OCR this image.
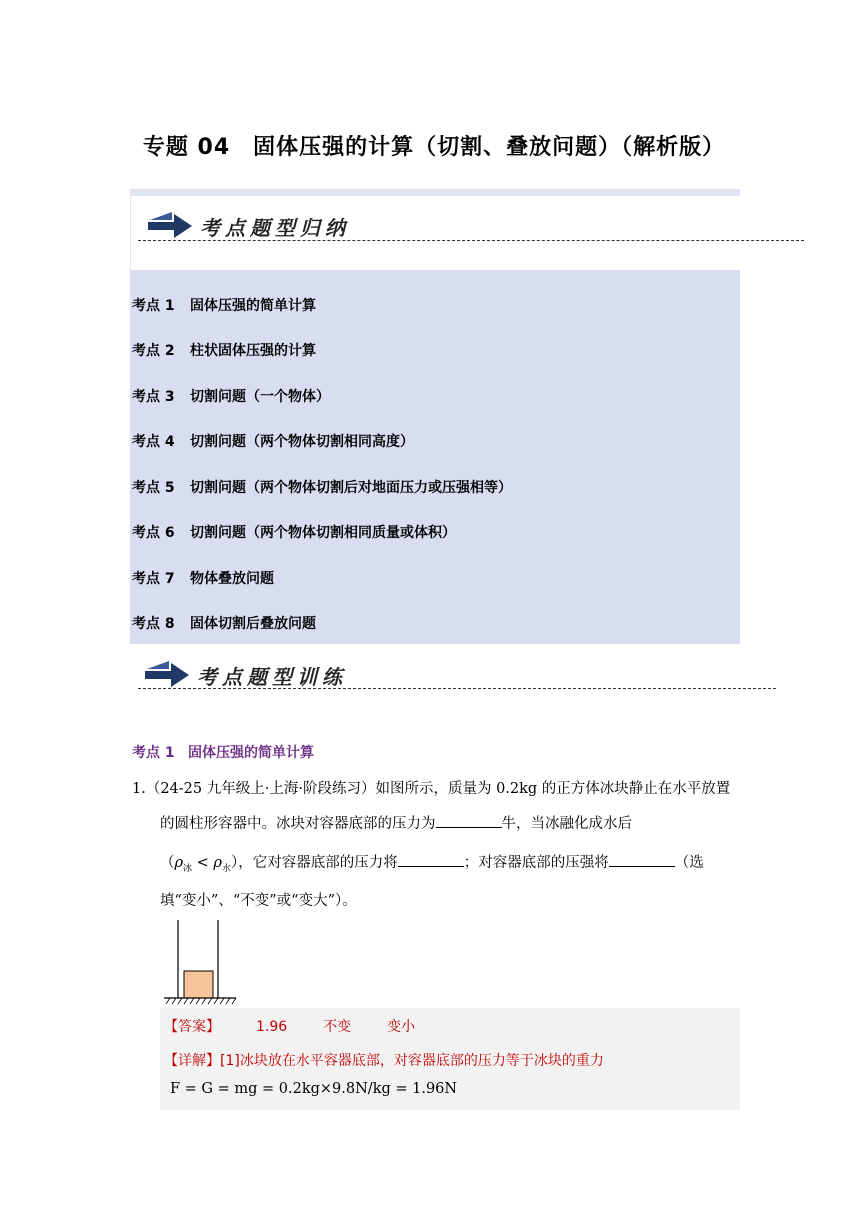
专题 04　固体压强的计算（切割、叠放问题）（解析版）
考点题型归纳
考点 1 固体压强的简单计算
考点 2 柱状固体压强的计算
考点 3 切割问题（一个物体）
考点 4 切割问题（两个物体切割相同高度）
考点 5 切割问题（两个物体切割后对地面压力或压强相等）
考点 6 切割问题（两个物体切割相同质量或体积）
考点 7 物体叠放问题
考点 8 固体切割后叠放问题
考点题型训练
考点 1 固体压强的简单计算
1.（24-25 九年级上·上海·阶段练习）如图所示，质量为 0.2kg 的正方体冰块静止在水平放置
的圆柱形容器中。冰块对容器底部的压力为	牛，当冰融化成水后
$(\rho_冰 < \rho_水)$，它对容器底部的压力将	；对容器底部的压强将	（选
填“变小”、“不变”或“变大”）。
【答案】	1.96	不变	变小
【详解】[1]冰块放在水平容器底部，对容器底部的压力等于冰块的重力
F = G = mg = 0.2kg×9.8N/kg = 1.96N
